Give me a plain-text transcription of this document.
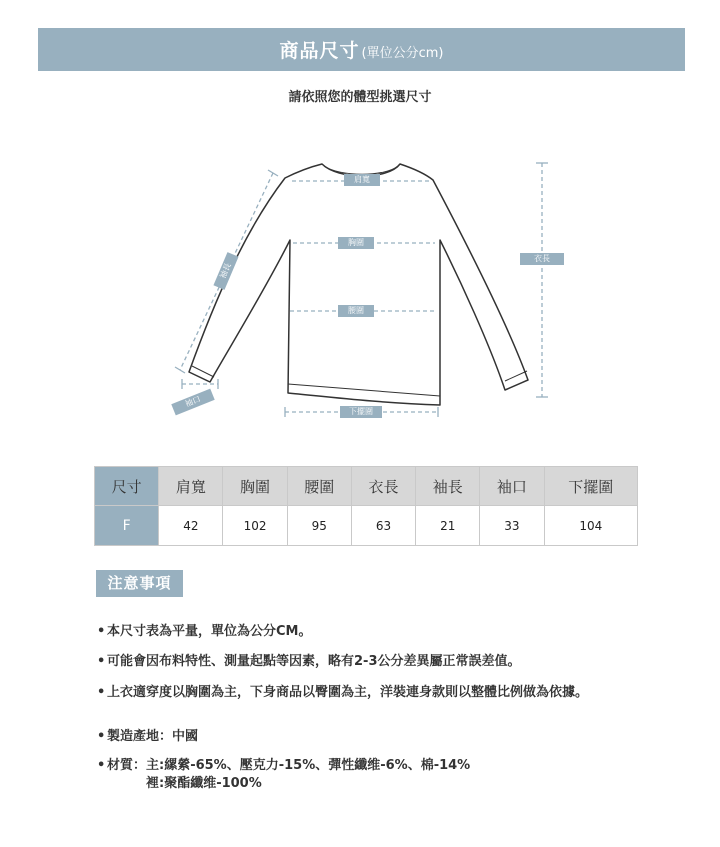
商品尺寸 (單位公分cm)
請依照您的體型挑選尺寸
肩寬
胸圍
腰圍
衣長
下擺圍
袖長
袖口
尺寸	肩寬	胸圍	腰圍	衣長	袖長	袖口	下擺圍
F	42	102	95	63	21	33	104
注意事項
• 本尺寸表為平量，單位為公分CM。
• 可能會因布料特性、測量起點等因素，略有2-3公分差異屬正常誤差值。
• 上衣適穿度以胸圍為主，下身商品以臀圍為主，洋裝連身款則以整體比例做為依據。
• 製造產地：中國
• 材質：主:縲縈-65%、壓克力-15%、彈性纖维-6%、棉-14%
裡:聚酯纖维-100%
